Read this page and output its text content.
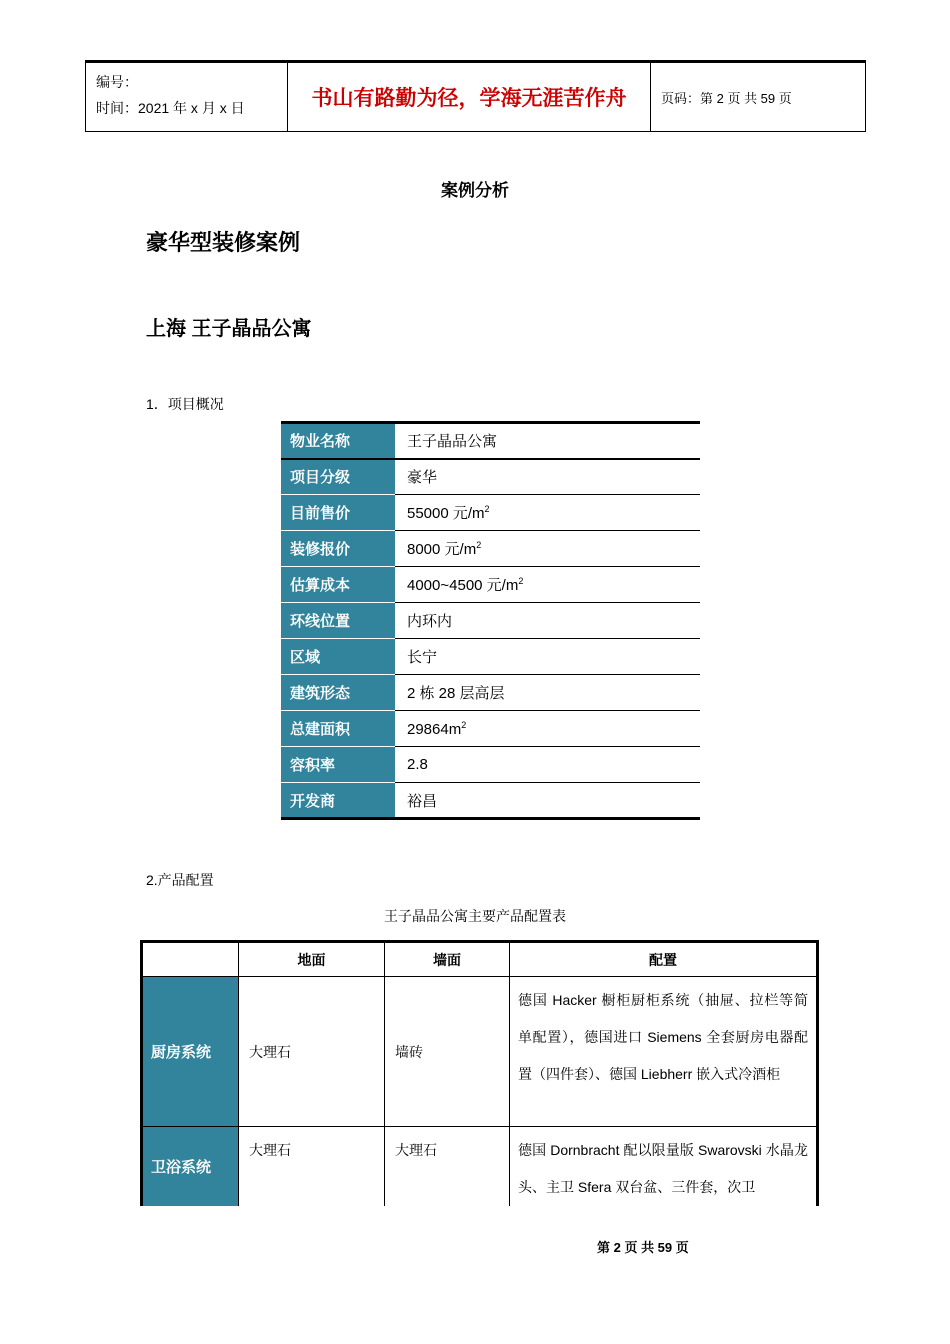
编号：
时间：2021 年 x 月 x 日	书山有路勤为径，学海无涯苦作舟	页码：第 2 页 共 59 页
案例分析
豪华型装修案例
上海 王子晶品公寓
1．项目概况
物业名称	王子晶品公寓
项目分级	豪华
目前售价	55000 元$/m^2$
装修报价	8000 元$/m^2$
估算成本	4000~4500 元$/m^2$
环线位置	内环内
区域	长宁
建筑形态	2 栋 28 层高层
总建面积	$29864m^2$
容积率	2.8
开发商	裕昌
2.产品配置
王子晶品公寓主要产品配置表
	地面	墙面	配置
厨房系统	大理石	墙砖	德国 Hacker 橱柜厨柜系统（抽屉、拉栏等简单配置），德国进口 Siemens 全套厨房电器配置（四件套）、德国 Liebherr 嵌入式冷酒柜
卫浴系统	大理石	大理石	德国 Dornbracht 配以限量版 Swarovski 水晶龙头、主卫 Sfera 双台盆、三件套，次卫
第 2 页 共 59 页
